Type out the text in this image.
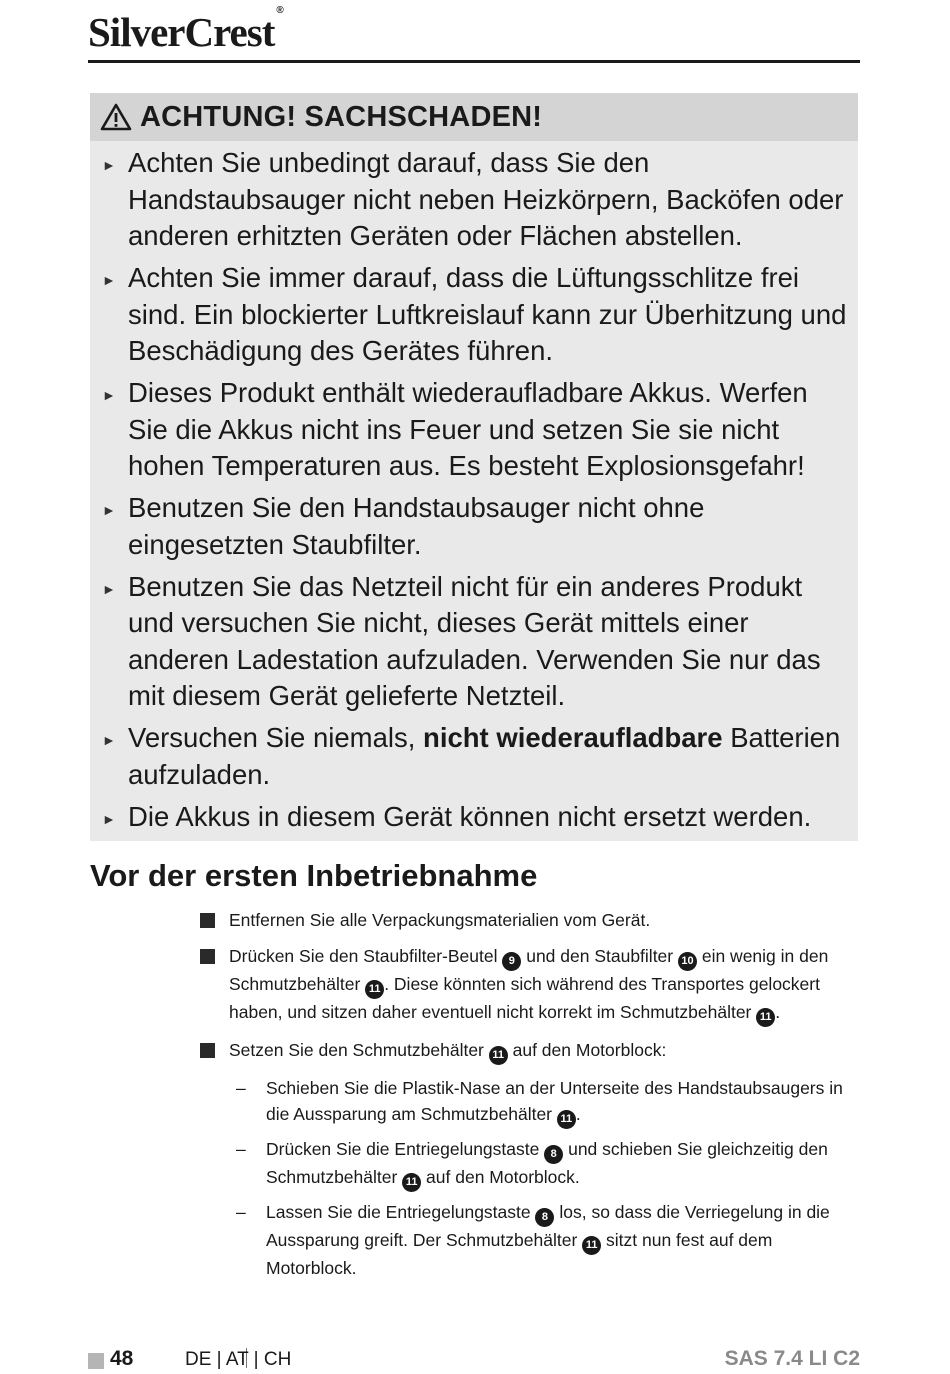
SilverCrest ®
ACHTUNG! SACHSCHADEN!
► Achten Sie unbedingt darauf, dass Sie den Handstaubsauger nicht neben Heizkörpern, Backöfen oder anderen erhitzten Geräten oder Flächen abstellen.
► Achten Sie immer darauf, dass die Lüftungsschlitze frei sind. Ein blockierter Luftkreislauf kann zur Überhitzung und Beschädigung des Gerätes führen.
► Dieses Produkt enthält wiederaufladbare Akkus. Werfen Sie die Akkus nicht ins Feuer und setzen Sie sie nicht hohen Temperaturen aus. Es besteht Explosionsgefahr!
► Benutzen Sie den Handstaubsauger nicht ohne eingesetzten Staubfilter.
► Benutzen Sie das Netzteil nicht für ein anderes Produkt und versuchen Sie nicht, dieses Gerät mittels einer anderen Ladestation aufzuladen. Verwenden Sie nur das mit diesem Gerät gelieferte Netzteil.
► Versuchen Sie niemals, nicht wiederaufladbare Batterien aufzuladen.
► Die Akkus in diesem Gerät können nicht ersetzt werden.
Vor der ersten Inbetriebnahme
Entfernen Sie alle Verpackungsmaterialien vom Gerät.
Drücken Sie den Staubfilter-Beutel 9 und den Staubfilter 10 ein wenig in den Schmutzbehälter 11 . Diese könnten sich während des Transportes gelockert haben, und sitzen daher eventuell nicht korrekt im Schmutzbehälter 11 .
Setzen Sie den Schmutzbehälter 11 auf den Motorblock:
–	Schieben Sie die Plastik-Nase an der Unterseite des Handstaubsaugers in die Aussparung am Schmutzbehälter 11 .
–	Drücken Sie die Entriegelungstaste 8 und schieben Sie gleichzeitig den Schmutzbehälter 11 auf den Motorblock.
–	Lassen Sie die Entriegelungstaste 8 los, so dass die Verriegelung in die Aussparung greift. Der Schmutzbehälter 11 sitzt nun fest auf dem Motorblock.
48	DE | AT | CH	SAS 7.4 LI C2
